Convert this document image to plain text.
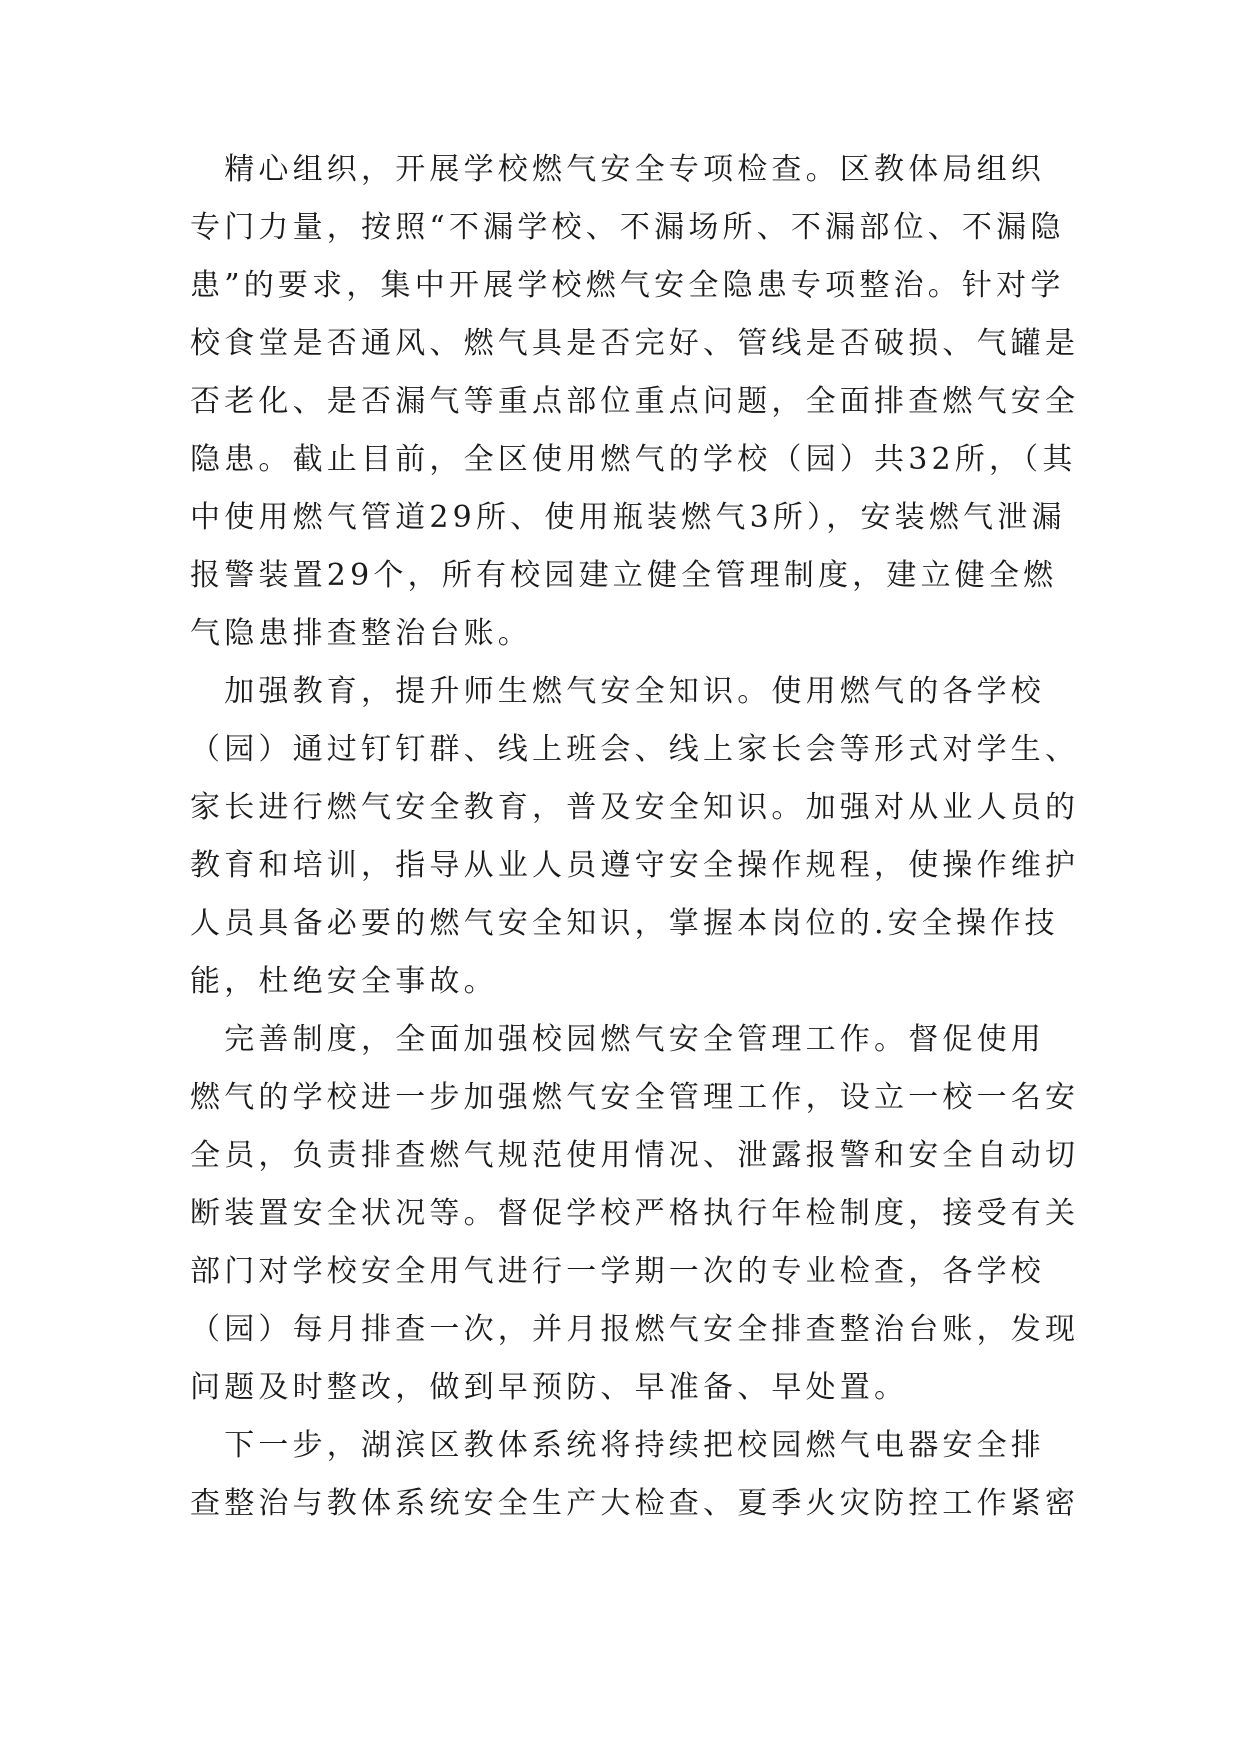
　精心组织，开展学校燃气安全专项检查。区教体局组织
专门力量，按照“不漏学校、不漏场所、不漏部位、不漏隐
患”的要求，集中开展学校燃气安全隐患专项整治。针对学
校食堂是否通风、燃气具是否完好、管线是否破损、气罐是
否老化、是否漏气等重点部位重点问题，全面排查燃气安全
隐患。截止目前，全区使用燃气的学校（园）共32所，（其
中使用燃气管道29所、使用瓶装燃气3所），安装燃气泄漏
报警装置29个，所有校园建立健全管理制度，建立健全燃
气隐患排查整治台账。
　加强教育，提升师生燃气安全知识。使用燃气的各学校
（园）通过钉钉群、线上班会、线上家长会等形式对学生、
家长进行燃气安全教育，普及安全知识。加强对从业人员的
教育和培训，指导从业人员遵守安全操作规程，使操作维护
人员具备必要的燃气安全知识，掌握本岗位的.安全操作技
能，杜绝安全事故。
　完善制度，全面加强校园燃气安全管理工作。督促使用
燃气的学校进一步加强燃气安全管理工作，设立一校一名安
全员，负责排查燃气规范使用情况、泄露报警和安全自动切
断装置安全状况等。督促学校严格执行年检制度，接受有关
部门对学校安全用气进行一学期一次的专业检查，各学校
（园）每月排查一次，并月报燃气安全排查整治台账，发现
问题及时整改，做到早预防、早准备、早处置。
　下一步，湖滨区教体系统将持续把校园燃气电器安全排
查整治与教体系统安全生产大检查、夏季火灾防控工作紧密
